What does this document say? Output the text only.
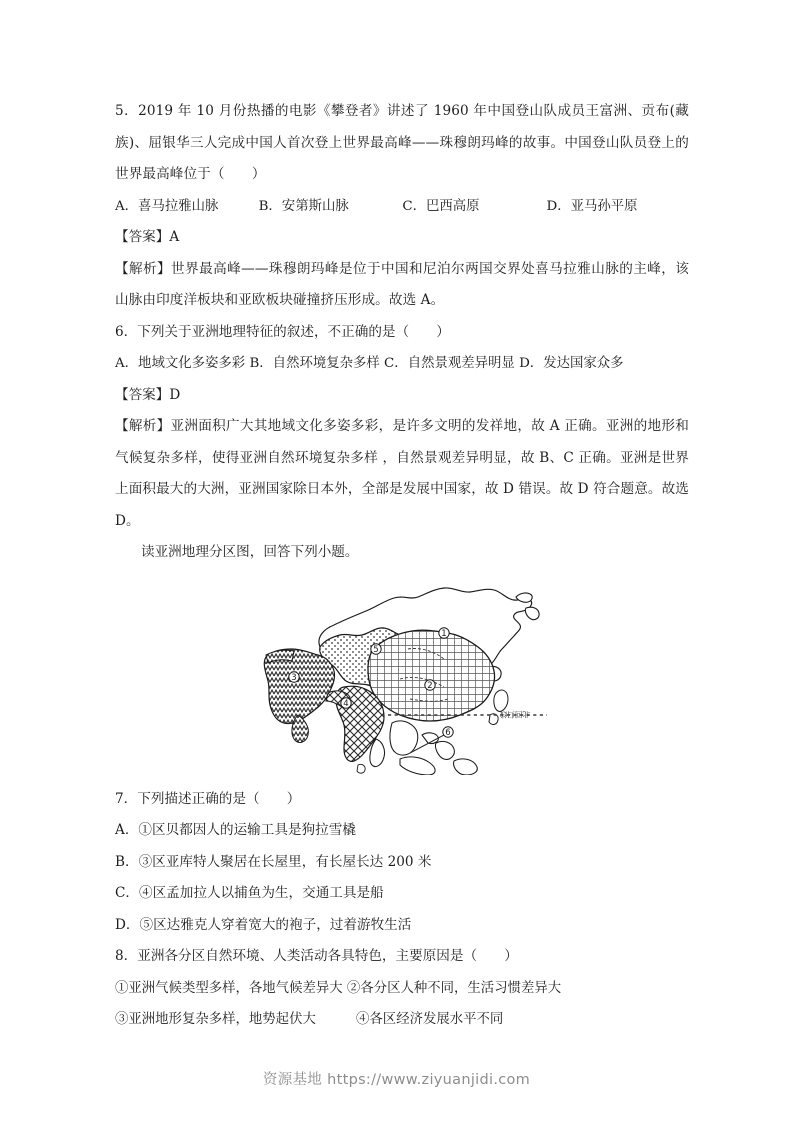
5．2019 年 10 月份热播的电影《攀登者》讲述了 1960 年中国登山队成员王富洲、贡布(藏族)、屈银华三人完成中国人首次登上世界最高峰——珠穆朗玛峰的故事。中国登山队员登上的世界最高峰位于（　　）

A．喜马拉雅山脉　　　B．安第斯山脉　　　　C．巴西高原　　　　　D．亚马孙平原
【答案】A

【解析】世界最高峰——珠穆朗玛峰是位于中国和尼泊尔两国交界处喜马拉雅山脉的主峰，该山脉由印度洋板块和亚欧板块碰撞挤压形成。故选 A。

6．下列关于亚洲地理特征的叙述，不正确的是（　　）
A．地域文化多姿多彩 B．自然环境复杂多样 C．自然景观差异明显 D．发达国家众多
【答案】D

【解析】亚洲面积广大其地域文化多姿多彩，是许多文明的发祥地，故 A 正确。亚洲的地形和气候复杂多样，使得亚洲自然环境复杂多样 ，自然景观差异明显，故 B、C 正确。亚洲是世界上面积最大的大洲，亚洲国家除日本外，全部是发展中国家，故 D 错误。故 D 符合题意。故选 D。

读亚洲地理分区图，回答下列小题。
1
2
3
4
5
6
北回归线
7．下列描述正确的是（　　）
A．①区贝都因人的运输工具是狗拉雪橇
B．③区亚库特人聚居在长屋里，有长屋长达 200 米
C．④区孟加拉人以捕鱼为生，交通工具是船
D．⑤区达雅克人穿着宽大的袍子，过着游牧生活
8．亚洲各分区自然环境、人类活动各具特色，主要原因是（　　）
①亚洲气候类型多样，各地气候差异大 ②各分区人种不同，生活习惯差异大
③亚洲地形复杂多样，地势起伏大　　　④各区经济发展水平不同
资源基地 https://www.ziyuanjidi.com
